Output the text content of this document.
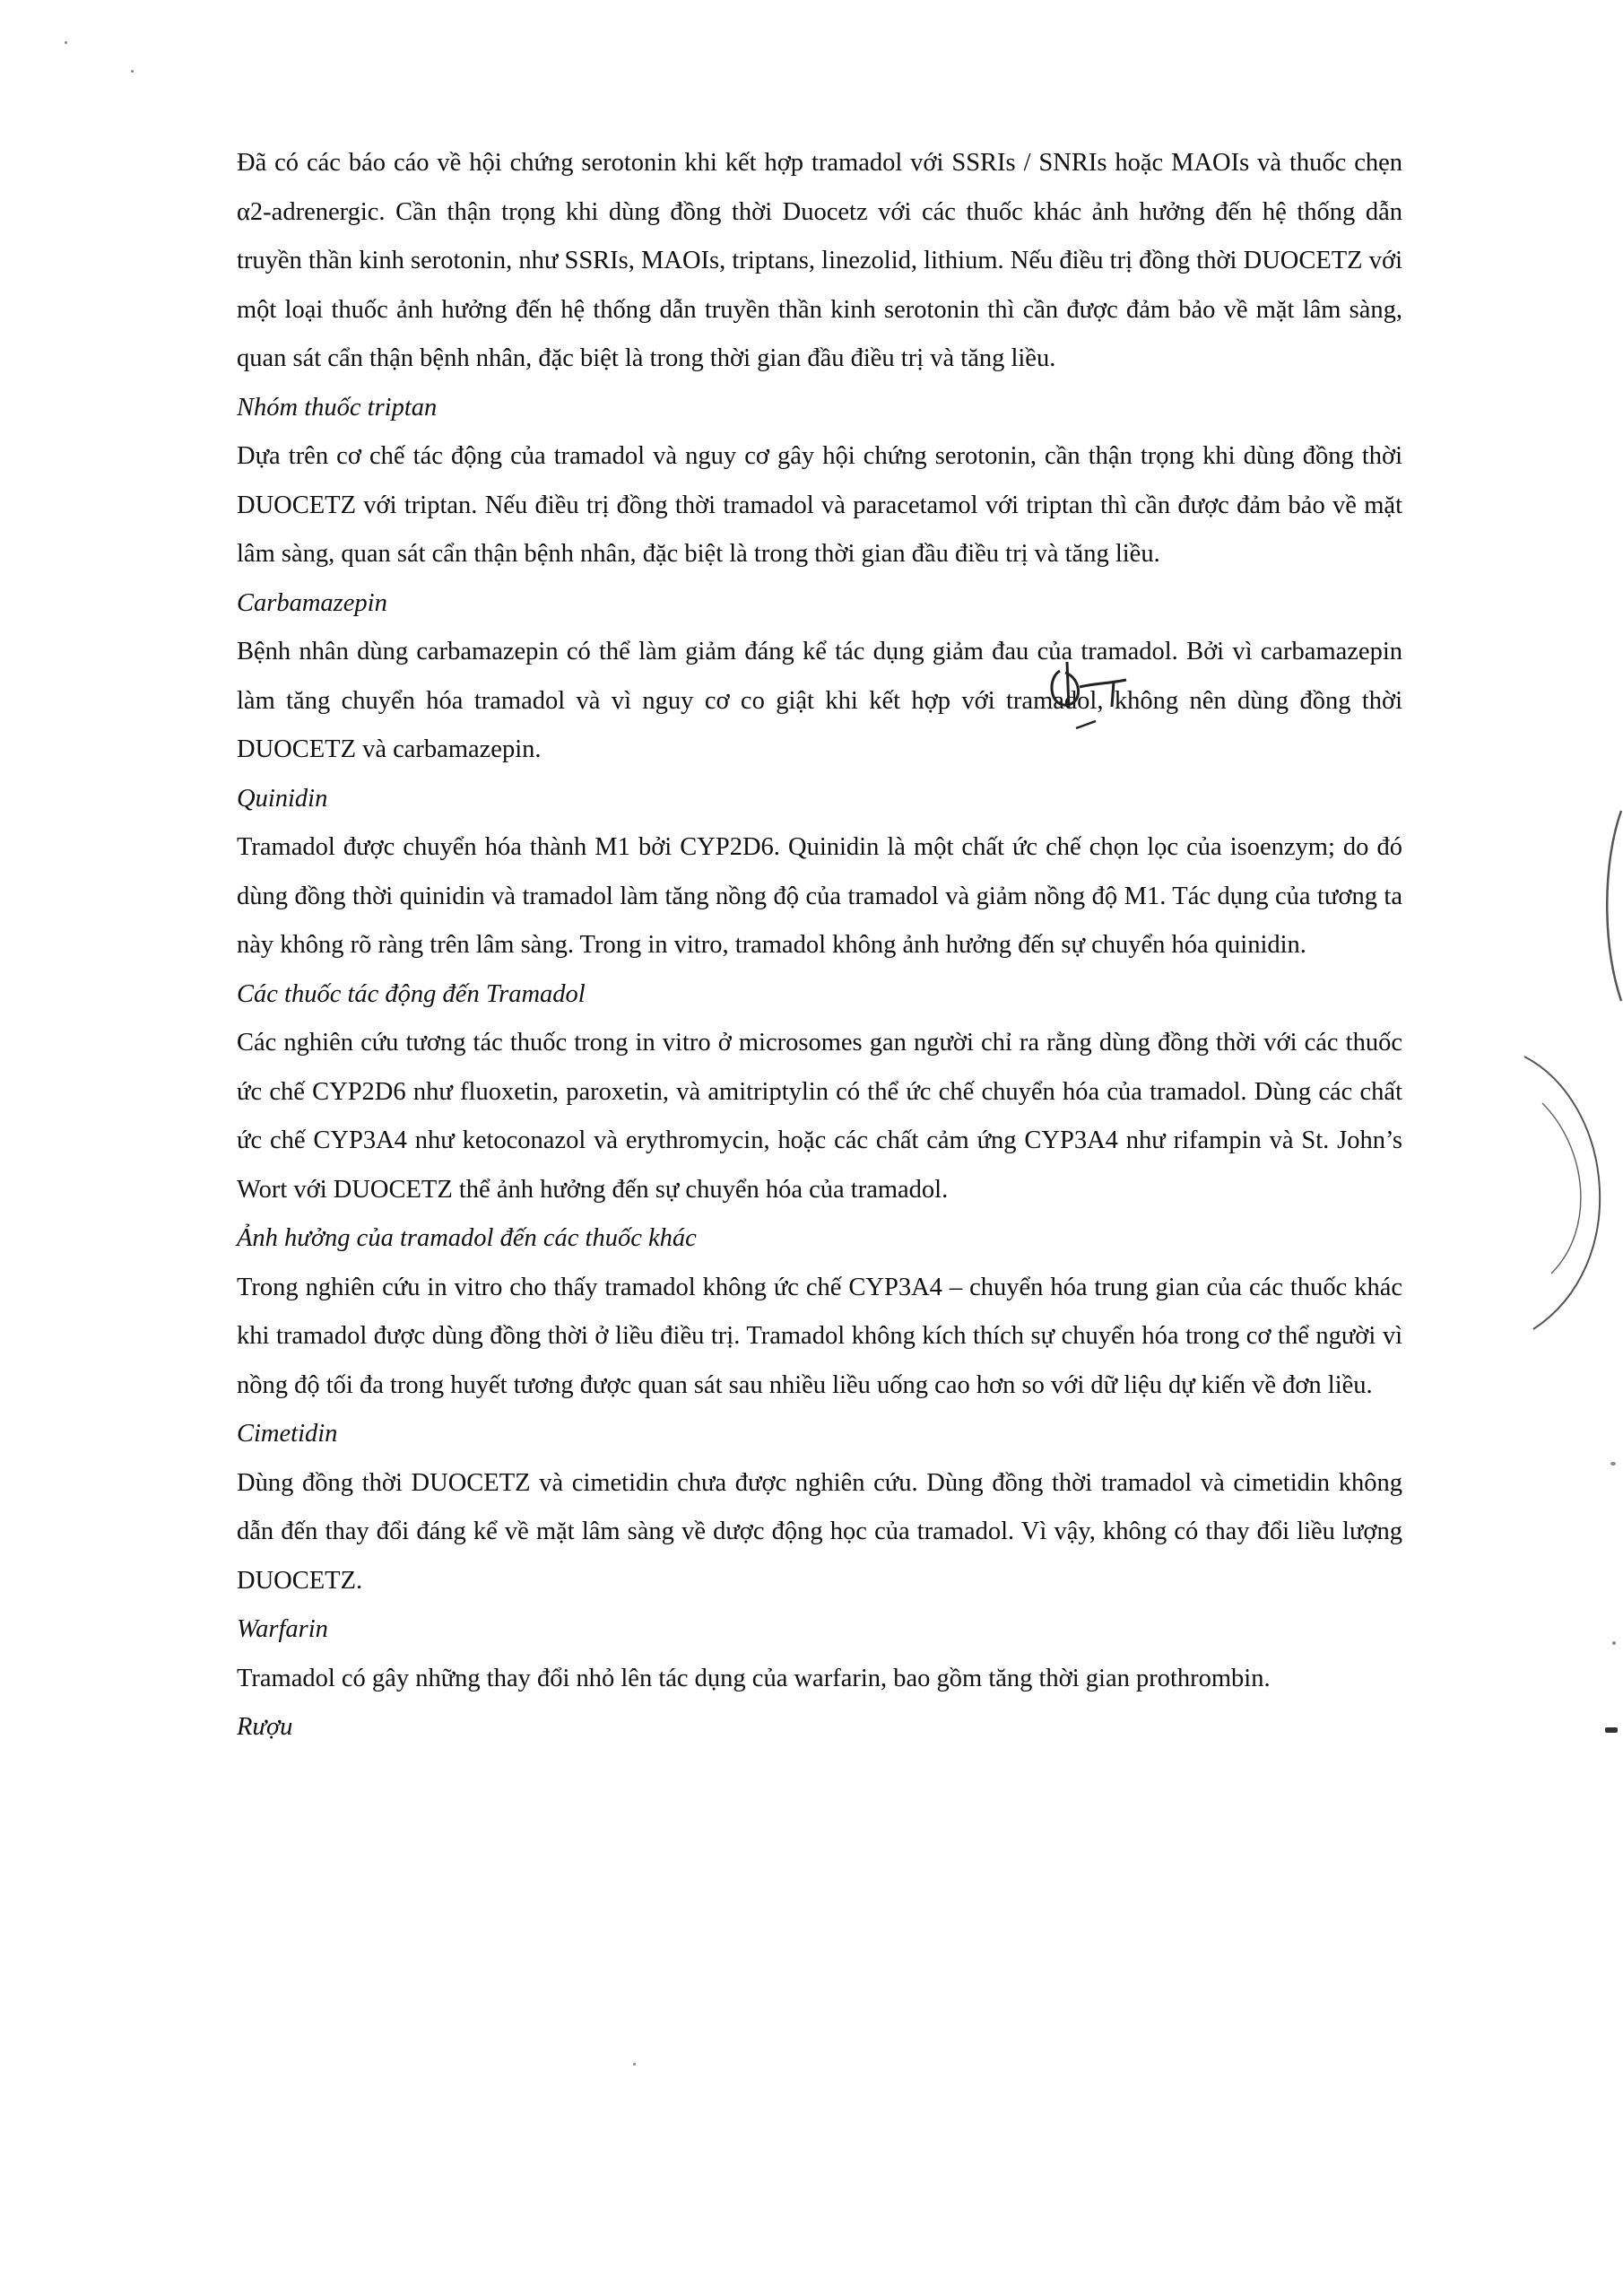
Đã có các báo cáo về hội chứng serotonin khi kết hợp tramadol với SSRIs / SNRIs hoặc MAOIs và thuốc chẹn α2-adrenergic. Cần thận trọng khi dùng đồng thời Duocetz với các thuốc khác ảnh hưởng đến hệ thống dẫn truyền thần kinh serotonin, như SSRIs, MAOIs, triptans, linezolid, lithium. Nếu điều trị đồng thời DUOCETZ với một loại thuốc ảnh hưởng đến hệ thống dẫn truyền thần kinh serotonin thì cần được đảm bảo về mặt lâm sàng, quan sát cẩn thận bệnh nhân, đặc biệt là trong thời gian đầu điều trị và tăng liều.

Nhóm thuốc triptan

Dựa trên cơ chế tác động của tramadol và nguy cơ gây hội chứng serotonin, cần thận trọng khi dùng đồng thời DUOCETZ với triptan. Nếu điều trị đồng thời tramadol và paracetamol với triptan thì cần được đảm bảo về mặt lâm sàng, quan sát cẩn thận bệnh nhân, đặc biệt là trong thời gian đầu điều trị và tăng liều.

Carbamazepin

Bệnh nhân dùng carbamazepin có thể làm giảm đáng kể tác dụng giảm đau của tramadol. Bởi vì carbamazepin làm tăng chuyển hóa tramadol và vì nguy cơ co giật khi kết hợp với tramadol, không nên dùng đồng thời DUOCETZ và carbamazepin.

Quinidin

Tramadol được chuyển hóa thành M1 bởi CYP2D6. Quinidin là một chất ức chế chọn lọc của isoenzym; do đó dùng đồng thời quinidin và tramadol làm tăng nồng độ của tramadol và giảm nồng độ M1. Tác dụng của tương ta này không rõ ràng trên lâm sàng. Trong in vitro, tramadol không ảnh hưởng đến sự chuyển hóa quinidin.

Các thuốc tác động đến Tramadol

Các nghiên cứu tương tác thuốc trong in vitro ở microsomes gan người chỉ ra rằng dùng đồng thời với các thuốc ức chế CYP2D6 như fluoxetin, paroxetin, và amitriptylin có thể ức chế chuyển hóa của tramadol. Dùng các chất ức chế CYP3A4 như ketoconazol và erythromycin, hoặc các chất cảm ứng CYP3A4 như rifampin và St. John’s Wort với DUOCETZ thể ảnh hưởng đến sự chuyển hóa của tramadol.

Ảnh hưởng của tramadol đến các thuốc khác

Trong nghiên cứu in vitro cho thấy tramadol không ức chế CYP3A4 – chuyển hóa trung gian của các thuốc khác khi tramadol được dùng đồng thời ở liều điều trị. Tramadol không kích thích sự chuyển hóa trong cơ thể người vì nồng độ tối đa trong huyết tương được quan sát sau nhiều liều uống cao hơn so với dữ liệu dự kiến về đơn liều.

Cimetidin

Dùng đồng thời DUOCETZ và cimetidin chưa được nghiên cứu. Dùng đồng thời tramadol và cimetidin không dẫn đến thay đổi đáng kể về mặt lâm sàng về dược động học của tramadol. Vì vậy, không có thay đổi liều lượng DUOCETZ.

Warfarin

Tramadol có gây những thay đổi nhỏ lên tác dụng của warfarin, bao gồm tăng thời gian prothrombin.

Rượu
